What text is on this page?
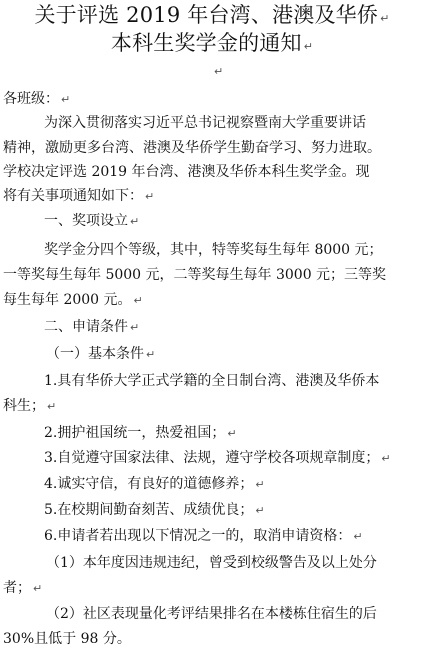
关于评选 2019 年台湾、港澳及华侨 ↵
本科生奖学金的通知 ↵
↵
各班级： ↵
为深入贯彻落实习近平总书记视察暨南大学重要讲话
精神，激励更多台湾、港澳及华侨学生勤奋学习、努力进取。
学校决定评选 2019 年台湾、港澳及华侨本科生奖学金。现
将有关事项通知如下： ↵
一、奖项设立 ↵
奖学金分四个等级，其中，特等奖每生每年 8000 元；
一等奖每生每年 5000 元，二等奖每生每年 3000 元；三等奖
每生每年 2000 元。 ↵
二、申请条件 ↵
（一）基本条件 ↵
1.具有华侨大学正式学籍的全日制台湾、港澳及华侨本
科生； ↵
2.拥护祖国统一，热爱祖国； ↵
3.自觉遵守国家法律、法规，遵守学校各项规章制度； ↵
4.诚实守信，有良好的道德修养； ↵
5.在校期间勤奋刻苦、成绩优良； ↵
6.申请者若出现以下情况之一的，取消申请资格： ↵
（1）本年度因违规违纪，曾受到校级警告及以上处分
者； ↵
（2）社区表现量化考评结果排名在本楼栋住宿生的后
30%且低于 98 分。
